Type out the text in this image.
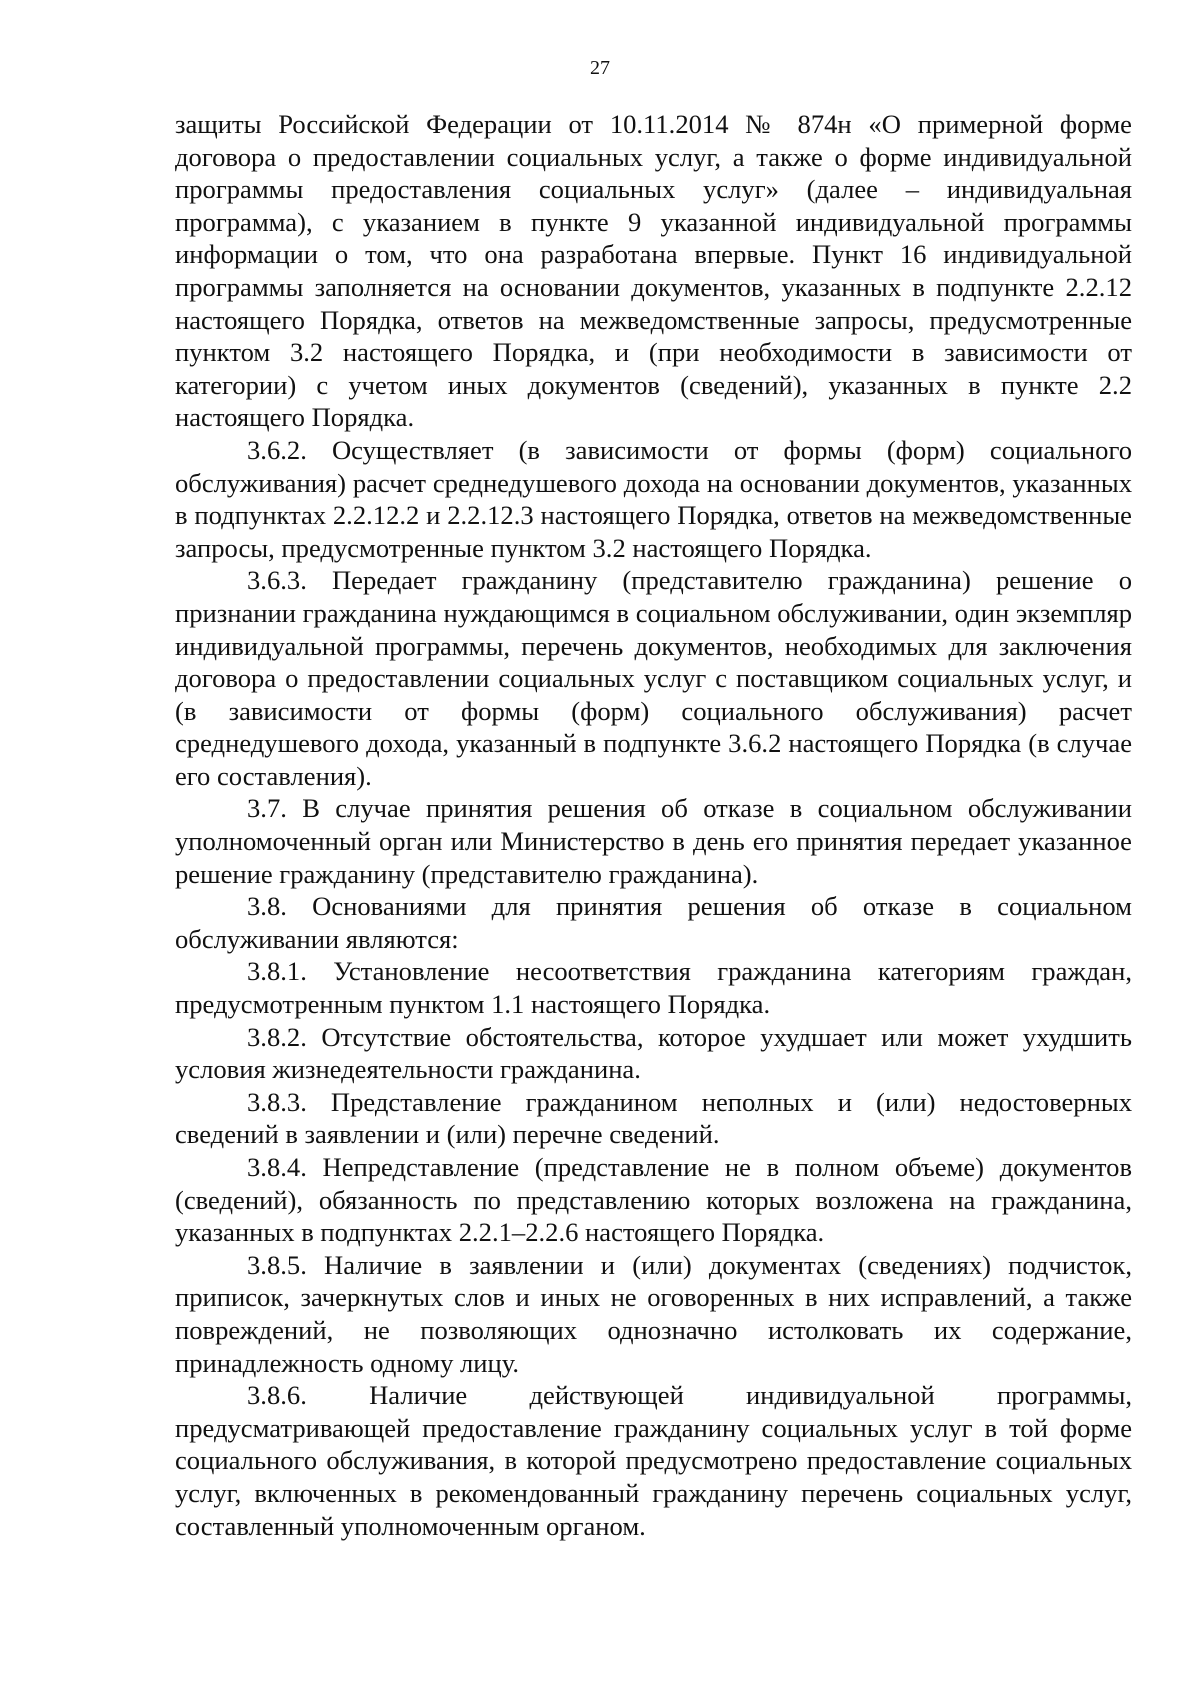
27

защиты Российской Федерации от 10.11.2014 № 874н «О примерной форме договора о предоставлении социальных услуг, а также о форме индивидуальной программы предоставления социальных услуг» (далее – индивидуальная программа), с указанием в пункте 9 указанной индивидуальной программы информации о том, что она разработана впервые. Пункт 16 индивидуальной программы заполняется на основании документов, указанных в подпункте 2.2.12 настоящего Порядка, ответов на межведомственные запросы, предусмотренные пунктом 3.2 настоящего Порядка, и (при необходимости в зависимости от категории) с учетом иных документов (сведений), указанных в пункте 2.2 настоящего Порядка.

3.6.2. Осуществляет (в зависимости от формы (форм) социального обслуживания) расчет среднедушевого дохода на основании документов, указанных в подпунктах 2.2.12.2 и 2.2.12.3 настоящего Порядка, ответов на межведомственные запросы, предусмотренные пунктом 3.2 настоящего Порядка.

3.6.3. Передает гражданину (представителю гражданина) решение о признании гражданина нуждающимся в социальном обслуживании, один экземпляр индивидуальной программы, перечень документов, необходимых для заключения договора о предоставлении социальных услуг с поставщиком социальных услуг, и (в зависимости от формы (форм) социального обслуживания) расчет среднедушевого дохода, указанный в подпункте 3.6.2 настоящего Порядка (в случае его составления).

3.7. В случае принятия решения об отказе в социальном обслуживании уполномоченный орган или Министерство в день его принятия передает указанное решение гражданину (представителю гражданина).

3.8. Основаниями для принятия решения об отказе в социальном обслуживании являются:

3.8.1. Установление несоответствия гражданина категориям граждан, предусмотренным пунктом 1.1 настоящего Порядка.

3.8.2. Отсутствие обстоятельства, которое ухудшает или может ухудшить условия жизнедеятельности гражданина.

3.8.3. Представление гражданином неполных и (или) недостоверных сведений в заявлении и (или) перечне сведений.

3.8.4. Непредставление (представление не в полном объеме) документов (сведений), обязанность по представлению которых возложена на гражданина, указанных в подпунктах 2.2.1–2.2.6 настоящего Порядка.

3.8.5. Наличие в заявлении и (или) документах (сведениях) подчисток, приписок, зачеркнутых слов и иных не оговоренных в них исправлений, а также повреждений, не позволяющих однозначно истолковать их содержание, принадлежность одному лицу.

3.8.6. Наличие действующей индивидуальной программы, предусматривающей предоставление гражданину социальных услуг в той форме социального обслуживания, в которой предусмотрено предоставление социальных услуг, включенных в рекомендованный гражданину перечень социальных услуг, составленный уполномоченным органом.
